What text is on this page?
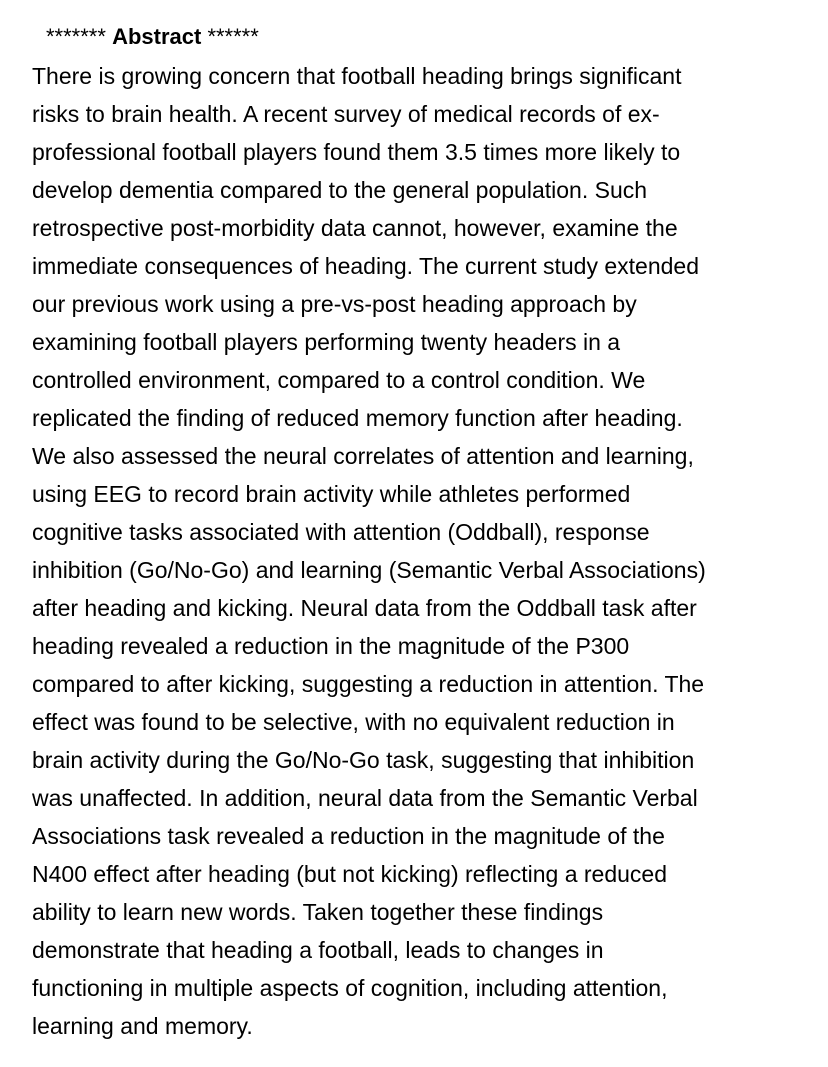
******* Abstract ******
There is growing concern that football heading brings significant
risks to brain health. A recent survey of medical records of ex-
professional football players found them 3.5 times more likely to
develop dementia compared to the general population. Such
retrospective post-morbidity data cannot, however, examine the
immediate consequences of heading. The current study extended
our previous work using a pre-vs-post heading approach by
examining football players performing twenty headers in a
controlled environment, compared to a control condition. We
replicated the finding of reduced memory function after heading.
We also assessed the neural correlates of attention and learning,
using EEG to record brain activity while athletes performed
cognitive tasks associated with attention (Oddball), response
inhibition (Go/No-Go) and learning (Semantic Verbal Associations)
after heading and kicking. Neural data from the Oddball task after
heading revealed a reduction in the magnitude of the P300
compared to after kicking, suggesting a reduction in attention. The
effect was found to be selective, with no equivalent reduction in
brain activity during the Go/No-Go task, suggesting that inhibition
was unaffected. In addition, neural data from the Semantic Verbal
Associations task revealed a reduction in the magnitude of the
N400 effect after heading (but not kicking) reflecting a reduced
ability to learn new words. Taken together these findings
demonstrate that heading a football, leads to changes in
functioning in multiple aspects of cognition, including attention,
learning and memory.
